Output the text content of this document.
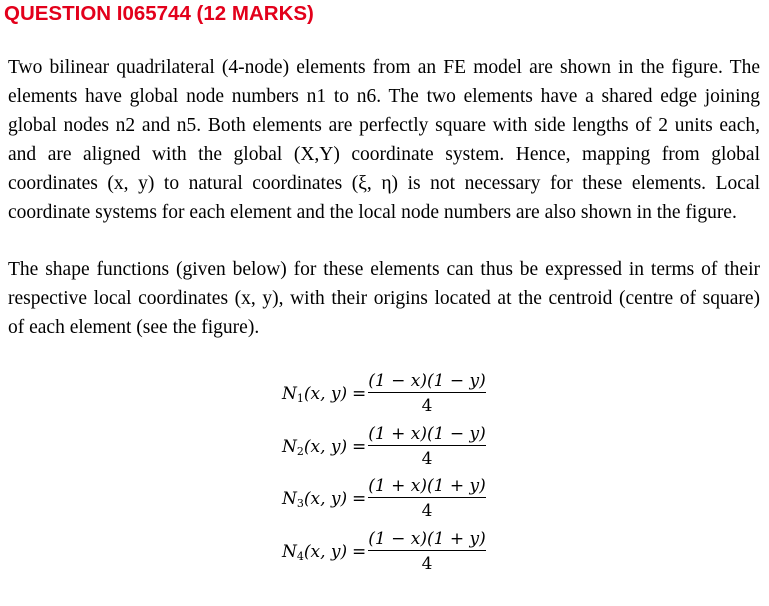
QUESTION I065744 (12 MARKS)
Two bilinear quadrilateral (4-node) elements from an FE model are shown in the figure. The
elements have global node numbers n1 to n6. The two elements have a shared edge joining
global nodes n2 and n5. Both elements are perfectly square with side lengths of 2 units each,
and are aligned with the global (X,Y) coordinate system. Hence, mapping from global
coordinates (x, y) to natural coordinates (ξ, η) is not necessary for these elements. Local
coordinate systems for each element and the local node numbers are also shown in the figure.
The shape functions (given below) for these elements can thus be expressed in terms of their
respective local coordinates (x, y), with their origins located at the centroid (centre of square)
of each element (see the figure).
$N_1(x$, $y) = \frac{(1 - x)(1 - y)}{4}$
$N_2(x$, $y) = \frac{(1 + x)(1 - y)}{4}$
$N_3(x$, $y) = \frac{(1 + x)(1 + y)}{4}$
$N_4(x$, $y) = \frac{(1 - x)(1 + y)}{4}$
